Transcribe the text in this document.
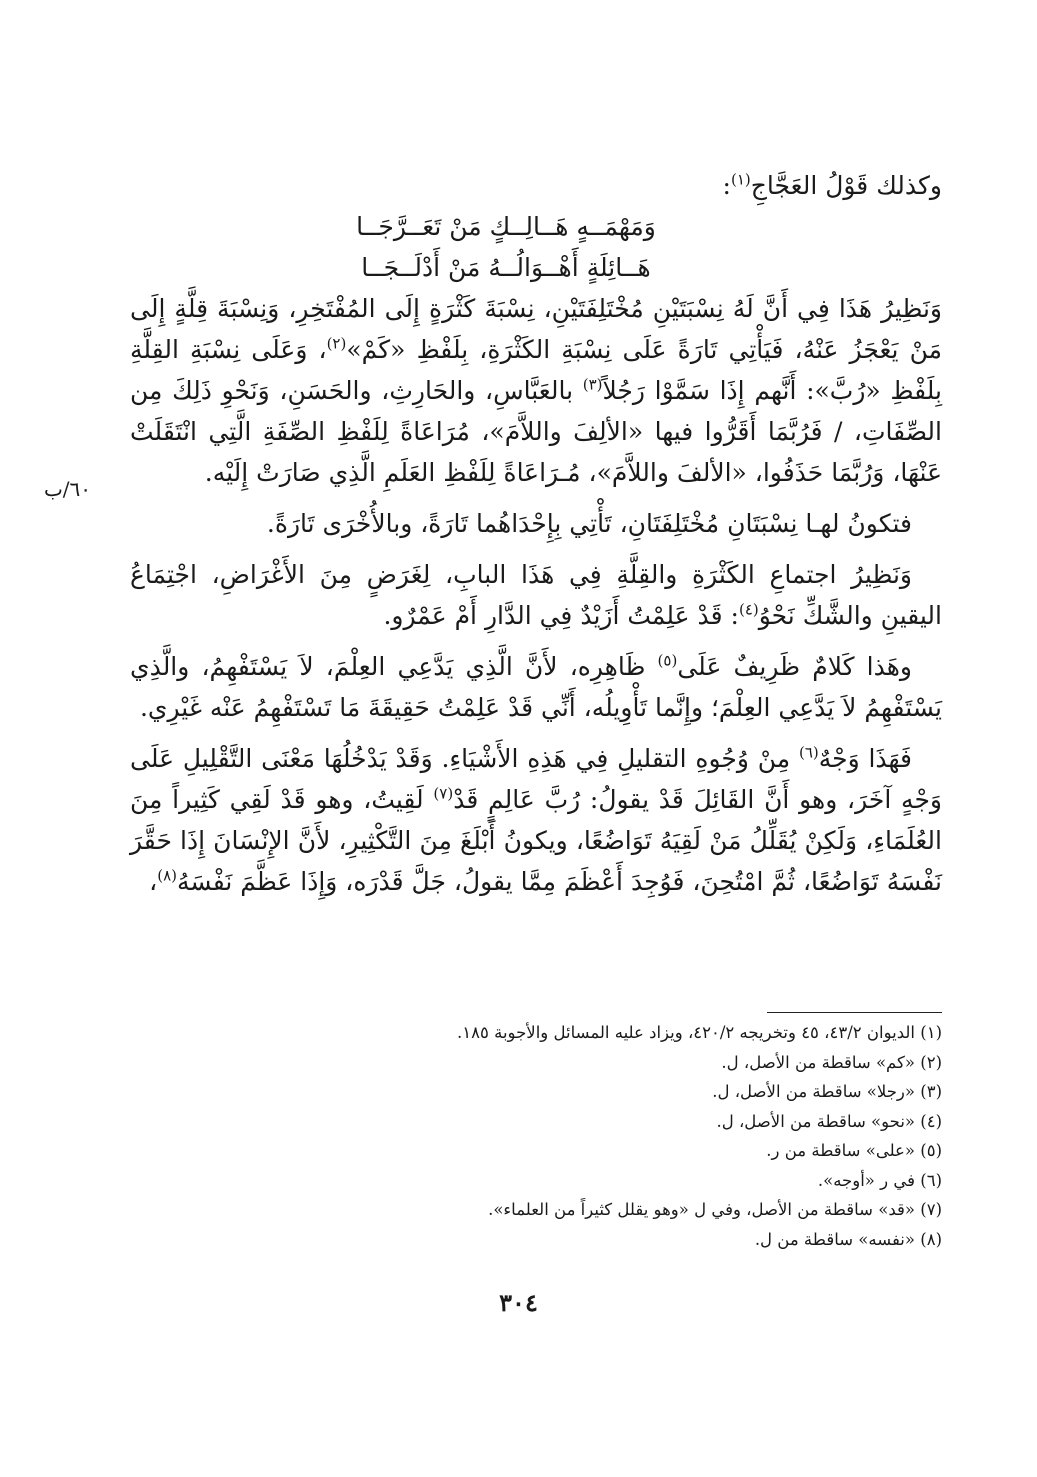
وكذلك قَوْلُ العَجَّاجِ$^{(١)}$:

وَمَهْمَــهٍ هَــالِــكٍ مَنْ تَعَــرَّجَــا

هَــائِلَةٍ أَهْــوَالُــهُ مَنْ أَدْلَــجَــا

وَنَظِيرُ هَذَا فِي أَنَّ لَهُ نِسْبَتَيْنِ مُخْتَلِفَتَيْنِ، نِسْبَةَ كَثْرَةٍ إِلَى المُفْتَخِرِ، وَنِسْبَةَ قِلَّةٍ إِلَى مَنْ يَعْجَزُ عَنْهُ، فَيَأْتِي تَارَةً عَلَى نِسْبَةِ الكَثْرَةِ، بِلَفْظِ «كَمْ»$^{(٢)}$، وَعَلَى نِسْبَةِ القِلَّةِ بِلَفْظِ «رُبَّ»: أَنَّهم إِذَا سَمَّوْا رَجُلاً$^{(٣)}$ بالعَبَّاسِ، والحَارِثِ، والحَسَنِ، وَنَحْوِ ذَلِكَ مِن الصِّفَاتِ، / فَرُبَّمَا أَقَرُّوا فيها «الألِفَ واللاَّمَ»، مُرَاعَاةً لِلَفْظِ الصِّفَةِ الَّتِي انْتَقَلَتْ عَنْهَا، وَرُبَّمَا حَذَفُوا، «الألفَ واللاَّمَ»، مُـرَاعَاةً لِلَفْظِ العَلَمِ الَّذِي صَارَتْ إِلَيْه.

فتكونُ لهـا نِسْبَتَانِ مُخْتَلِفَتَانِ، تَأْتِي بِإِحْدَاهُما تَارَةً، وبالأُخْرَى تَارَةً.

وَنَظِيرُ اجتماعِ الكَثْرَةِ والقِلَّةِ فِي هَذَا البابِ، لِغَرَضٍ مِنَ الأَغْرَاضِ، اجْتِمَاعُ اليقينِ والشَّكِّ نَحْوُ$^{(٤)}$: قَدْ عَلِمْتُ أَزَيْدٌ فِي الدَّارِ أَمْ عَمْرٌو.

وهَذا كَلامٌ ظَرِيفٌ عَلَى$^{(٥)}$ ظَاهِرِه، لأَنَّ الَّذِي يَدَّعِي العِلْمَ، لاَ يَسْتَفْهِمُ، والَّذِي يَسْتَفْهِمُ لاَ يَدَّعِي العِلْمَ؛ وإِنَّما تَأْوِيلُه، أَنِّي قَدْ عَلِمْتُ حَقِيقَةَ مَا تَسْتَفْهِمُ عَنْه غَيْرِي.

فَهَذَا وَجْهٌ$^{(٦)}$ مِنْ وُجُوهِ التقليلِ فِي هَذِهِ الأَشْيَاءِ. وَقَدْ يَدْخُلُهَا مَعْنَى التَّقْلِيلِ عَلَى وَجْهٍ آخَرَ، وهو أَنَّ القَائِلَ قَدْ يقولُ: رُبَّ عَالِمٍ قَدْ$^{(٧)}$ لَقِيتُ، وهو قَدْ لَقِي كَثِيراً مِنَ العُلَمَاءِ، وَلَكِنْ يُقَلِّلُ مَنْ لَقِيَهُ تَوَاضُعًا، ويكونُ أَبْلَغَ مِنَ التَّكْثِيرِ، لأَنَّ الإِنْسَانَ إِذَا حَقَّرَ نَفْسَهُ تَوَاضُعًا، ثُمَّ امْتُحِنَ، فَوُجِدَ أَعْظَمَ مِمَّا يقولُ، جَلَّ قَدْرَه، وَإِذَا عَظَّمَ نَفْسَهُ$^{(٨)}$،

٦٠/ب

(١) الديوان ٤٣/٢، ٤٥ وتخريجه ٤٢٠/٢، ويزاد عليه المسائل والأجوبة ١٨٥.

(٢) «كم» ساقطة من الأصل، ل.

(٣) «رجلا» ساقطة من الأصل، ل.

(٤) «نحو» ساقطة من الأصل، ل.

(٥) «على» ساقطة من ر.

(٦) في ر «أوجه».

(٧) «قد» ساقطة من الأصل، وفي ل «وهو يقلل كثيراً من العلماء».

(٨) «نفسه» ساقطة من ل.

٣٠٤
